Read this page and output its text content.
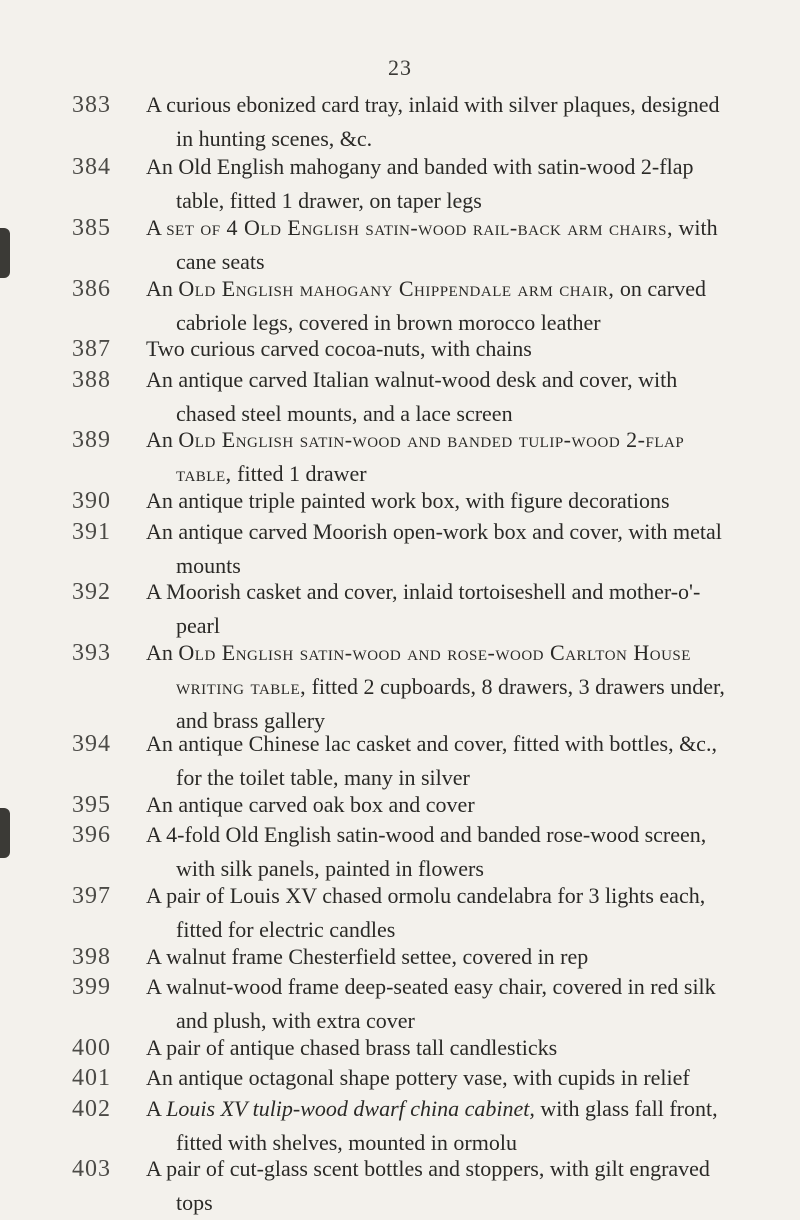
23
383	A curious ebonized card tray, inlaid with silver plaques, designed
in hunting scenes, &c.
384	An Old English mahogany and banded with satin-wood 2-flap
table, fitted 1 drawer, on taper legs
385	A set of 4 Old English satin-wood rail-back arm chairs, with
cane seats
386	An Old English mahogany Chippendale arm chair, on carved
cabriole legs, covered in brown morocco leather
387	Two curious carved cocoa-nuts, with chains
388	An antique carved Italian walnut-wood desk and cover, with
chased steel mounts, and a lace screen
389	An Old English satin-wood and banded tulip-wood 2-flap
table, fitted 1 drawer
390	An antique triple painted work box, with figure decorations
391	An antique carved Moorish open-work box and cover, with metal
mounts
392	A Moorish casket and cover, inlaid tortoiseshell and mother-o'-
pearl
393	An Old English satin-wood and rose-wood Carlton House
writing table, fitted 2 cupboards, 8 drawers, 3 drawers under,
and brass gallery
394	An antique Chinese lac casket and cover, fitted with bottles, &c.,
for the toilet table, many in silver
395	An antique carved oak box and cover
396	A 4-fold Old English satin-wood and banded rose-wood screen,
with silk panels, painted in flowers
397	A pair of Louis XV chased ormolu candelabra for 3 lights each,
fitted for electric candles
398	A walnut frame Chesterfield settee, covered in rep
399	A walnut-wood frame deep-seated easy chair, covered in red silk
and plush, with extra cover
400	A pair of antique chased brass tall candlesticks
401	An antique octagonal shape pottery vase, with cupids in relief
402	A Louis XV tulip-wood dwarf china cabinet, with glass fall front,
fitted with shelves, mounted in ormolu
403	A pair of cut-glass scent bottles and stoppers, with gilt engraved
tops
